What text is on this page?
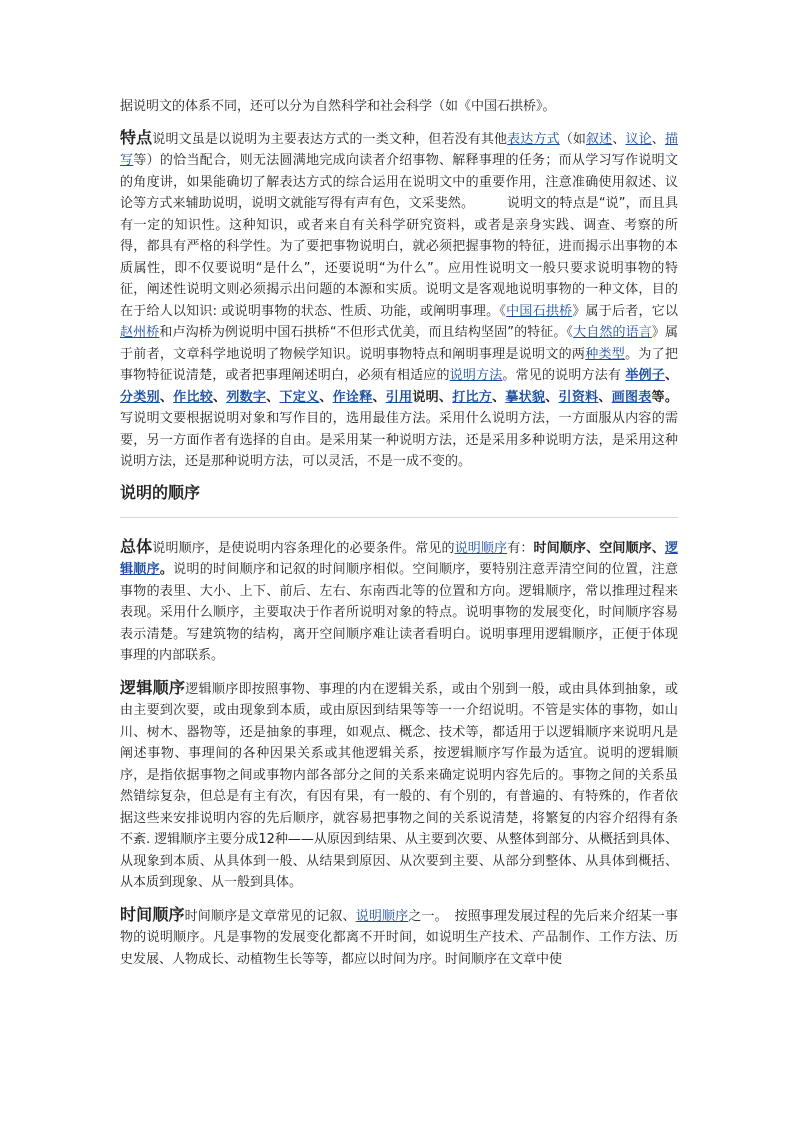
据说明文的体系不同，还可以分为自然科学和社会科学（如《中国石拱桥》。

特点说明文虽是以说明为主要表达方式的一类文种，但若没有其他表达方式（如叙述、议论、描写等）的恰当配合，则无法圆满地完成向读者介绍事物、解释事理的任务；而从学习写作说明文的角度讲，如果能确切了解表达方式的综合运用在说明文中的重要作用，注意准确使用叙述、议论等方式来辅助说明，说明文就能写得有声有色，文采斐然。　　　说明文的特点是“说”，而且具有一定的知识性。这种知识，或者来自有关科学研究资料，或者是亲身实践、调查、考察的所得，都具有严格的科学性。为了要把事物说明白，就必须把握事物的特征，进而揭示出事物的本质属性，即不仅要说明“是什么”，还要说明“为什么”。应用性说明文一般只要求说明事物的特征，阐述性说明文则必须揭示出问题的本源和实质。说明文是客观地说明事物的一种文体，目的在于给人以知识: 或说明事物的状态、性质、功能，或阐明事理。《中国石拱桥》属于后者，它以赵州桥和卢沟桥为例说明中国石拱桥“不但形式优美，而且结构坚固”的特征。《大自然的语言》属于前者，文章科学地说明了物候学知识。说明事物特点和阐明事理是说明文的两种类型。为了把事物特征说清楚，或者把事理阐述明白，必须有相适应的说明方法。常见的说明方法有 举例子、分类别、作比较、列数字、下定义、作诠释、引用说明、打比方、摹状貌、引资料、画图表等。写说明文要根据说明对象和写作目的，选用最佳方法。采用什么说明方法，一方面服从内容的需要，另一方面作者有选择的自由。是采用某一种说明方法，还是采用多种说明方法，是采用这种说明方法，还是那种说明方法，可以灵活，不是一成不变的。

说明的顺序

总体说明顺序，是使说明内容条理化的必要条件。常见的说明顺序有：时间顺序、空间顺序、逻辑顺序。说明的时间顺序和记叙的时间顺序相似。空间顺序，要特别注意弄清空间的位置，注意事物的表里、大小、上下、前后、左右、东南西北等的位置和方向。逻辑顺序，常以推理过程来表现。采用什么顺序，主要取决于作者所说明对象的特点。说明事物的发展变化，时间顺序容易表示清楚。写建筑物的结构，离开空间顺序难让读者看明白。说明事理用逻辑顺序，正便于体现事理的内部联系。

逻辑顺序逻辑顺序即按照事物、事理的内在逻辑关系，或由个别到一般，或由具体到抽象，或由主要到次要，或由现象到本质，或由原因到结果等等一一介绍说明。不管是实体的事物，如山川、树木、器物等，还是抽象的事理，如观点、概念、技术等，都适用于以逻辑顺序来说明凡是阐述事物、事理间的各种因果关系或其他逻辑关系，按逻辑顺序写作最为适宜。说明的逻辑顺序，是指依据事物之间或事物内部各部分之间的关系来确定说明内容先后的。事物之间的关系虽然错综复杂，但总是有主有次，有因有果，有一般的、有个别的，有普遍的、有特殊的，作者依据这些来安排说明内容的先后顺序，就容易把事物之间的关系说清楚，将繁复的内容介绍得有条不紊. 逻辑顺序主要分成12种——从原因到结果、从主要到次要、从整体到部分、从概括到具体、从现象到本质、从具体到一般、从结果到原因、从次要到主要、从部分到整体、从具体到概括、从本质到现象、从一般到具体。

时间顺序时间顺序是文章常见的记叙、说明顺序之一。　按照事理发展过程的先后来介绍某一事物的说明顺序。凡是事物的发展变化都离不开时间，如说明生产技术、产品制作、工作方法、历史发展、人物成长、动植物生长等等，都应以时间为序。时间顺序在文章中使
